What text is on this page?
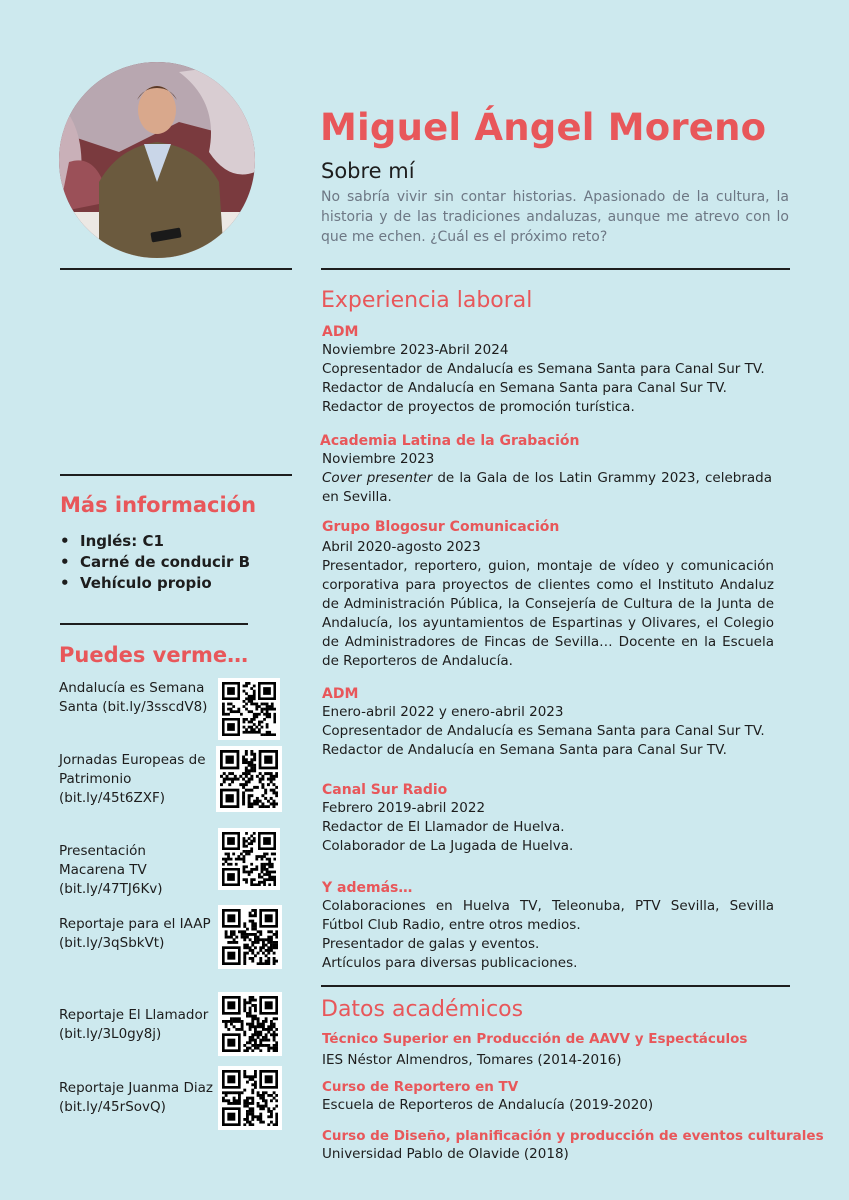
Miguel Ángel Moreno
Sobre mí
No sabría vivir sin contar historias. Apasionado de la cultura, la historia y de las tradiciones andaluzas, aunque me atrevo con lo que me echen. ¿Cuál es el próximo reto?
Experiencia laboral
ADM
Noviembre 2023-Abril 2024
Copresentador de Andalucía es Semana Santa para Canal Sur TV.
Redactor de Andalucía en Semana Santa para Canal Sur TV.
Redactor de proyectos de promoción turística.
Academia Latina de la Grabación
Noviembre 2023
Cover presenter de la Gala de los Latin Grammy 2023, celebrada en Sevilla.
Grupo Blogosur Comunicación
Abril 2020-agosto 2023
Presentador, reportero, guion, montaje de vídeo y comunicación corporativa para proyectos de clientes como el Instituto Andaluz de Administración Pública, la Consejería de Cultura de la Junta de Andalucía, los ayuntamientos de Espartinas y Olivares, el Colegio de Administradores de Fincas de Sevilla… Docente en la Escuela de Reporteros de Andalucía.
ADM
Enero-abril 2022 y enero-abril 2023
Copresentador de Andalucía es Semana Santa para Canal Sur TV.
Redactor de Andalucía en Semana Santa para Canal Sur TV.
Canal Sur Radio
Febrero 2019-abril 2022
Redactor de El Llamador de Huelva.
Colaborador de La Jugada de Huelva.
Y además…
Colaboraciones en Huelva TV, Teleonuba, PTV Sevilla, Sevilla Fútbol Club Radio, entre otros medios.
Presentador de galas y eventos.
Artículos para diversas publicaciones.
Datos académicos
Técnico Superior en Producción de AAVV y Espectáculos
IES Néstor Almendros, Tomares (2014-2016)
Curso de Reportero en TV
Escuela de Reporteros de Andalucía (2019-2020)
Curso de Diseño, planificación y producción de eventos culturales
Universidad Pablo de Olavide (2018)
Más información
• Inglés: C1
• Carné de conducir B
• Vehículo propio
Puedes verme…
Andalucía es Semana Santa (bit.ly/3sscdV8)
Jornadas Europeas de Patrimonio (bit.ly/45t6ZXF)
Presentación Macarena TV (bit.ly/47TJ6Kv)
Reportaje para el IAAP (bit.ly/3qSbkVt)
Reportaje El Llamador (bit.ly/3L0gy8j)
Reportaje Juanma Diaz (bit.ly/45rSovQ)
